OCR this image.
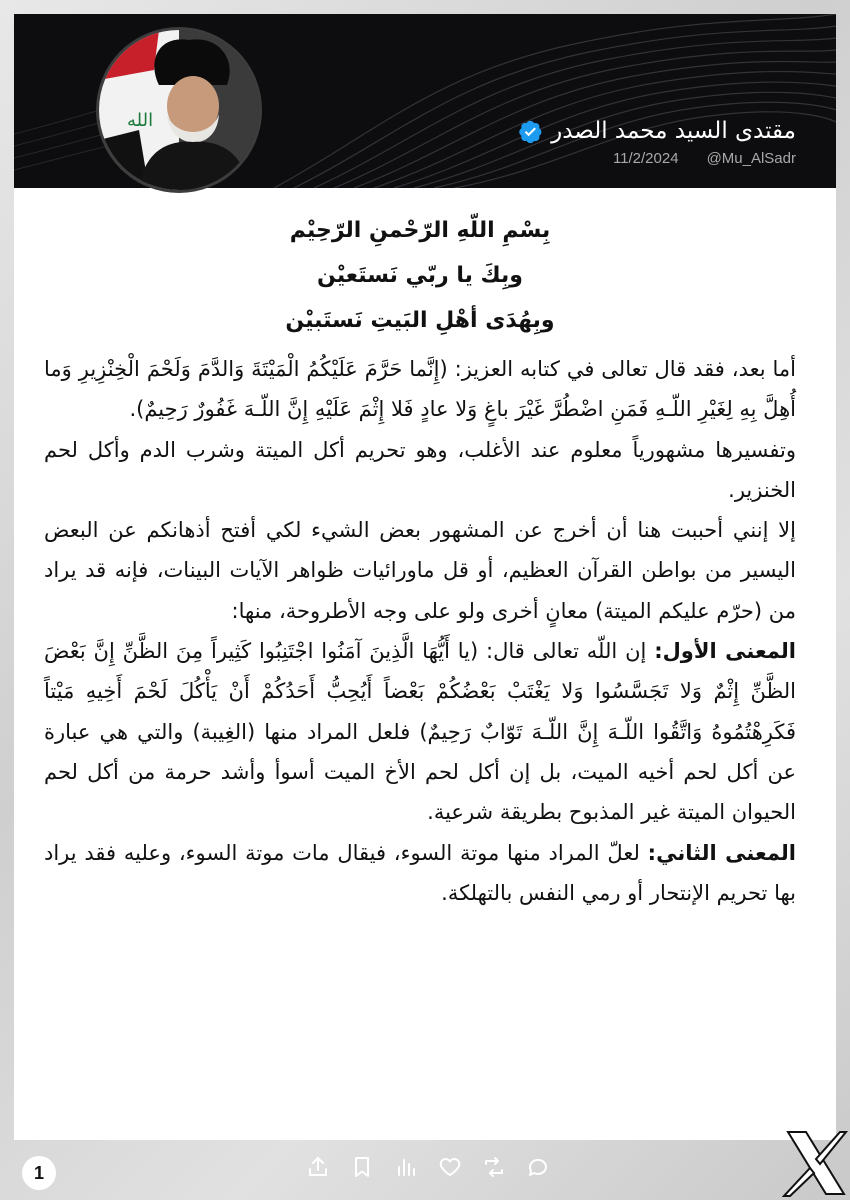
مقتدى السيد محمد الصدر
11/2/2024 @Mu_AlSadr

بِسْمِ اللّهِ الرّحْمنِ الرّحِيْم

وبِكَ يا ربّي نَستَعيْن

وبِهُدَى أهْلِ البَيتِ نَستَبيْن

أما بعد، فقد قال تعالى في كتابه العزيز: (إِنَّما حَرَّمَ عَلَيْكُمُ الْمَيْتَةَ وَالدَّمَ وَلَحْمَ الْخِنْزِيرِ وَما أُهِلَّ بِهِ لِغَيْرِ اللّـهِ فَمَنِ اضْطُرَّ غَيْرَ باغٍ وَلا عادٍ فَلا إِثْمَ عَلَيْهِ إِنَّ اللّـهَ غَفُورٌ رَحِيمٌ).

وتفسيرها مشهورياً معلوم عند الأغلب، وهو تحريم أكل الميتة وشرب الدم وأكل لحم الخنزير.

إلا إنني أحببت هنا أن أخرج عن المشهور بعض الشيء لكي أفتح أذهانكم عن البعض اليسير من بواطن القرآن العظيم، أو قل ماورائيات ظواهر الآيات البينات، فإنه قد يراد من (حرّم عليكم الميتة) معانٍ أخرى ولو على وجه الأطروحة، منها:

المعنى الأول: إن اللّه تعالى قال: (يا أَيُّهَا الَّذِينَ آمَنُوا اجْتَنِبُوا كَثِيراً مِنَ الظَّنِّ إِنَّ بَعْضَ الظَّنِّ إِثْمٌ وَلا تَجَسَّسُوا وَلا يَغْتَبْ بَعْضُكُمْ بَعْضاً أَيُحِبُّ أَحَدُكُمْ أَنْ يَأْكُلَ لَحْمَ أَخِيهِ مَيْتاً فَكَرِهْتُمُوهُ وَاتَّقُوا اللّـهَ إِنَّ اللّـهَ تَوّابٌ رَحِيمٌ) فلعل المراد منها (الغِيبة) والتي هي عبارة عن أكل لحم أخيه الميت، بل إن أكل لحم الأخ الميت أسوأ وأشد حرمة من أكل لحم الحيوان الميتة غير المذبوح بطريقة شرعية.

المعنى الثاني: لعلّ المراد منها موتة السوء، فيقال مات موتة السوء، وعليه فقد يراد بها تحريم الإنتحار أو رمي النفس بالتهلكة.

الله
1
